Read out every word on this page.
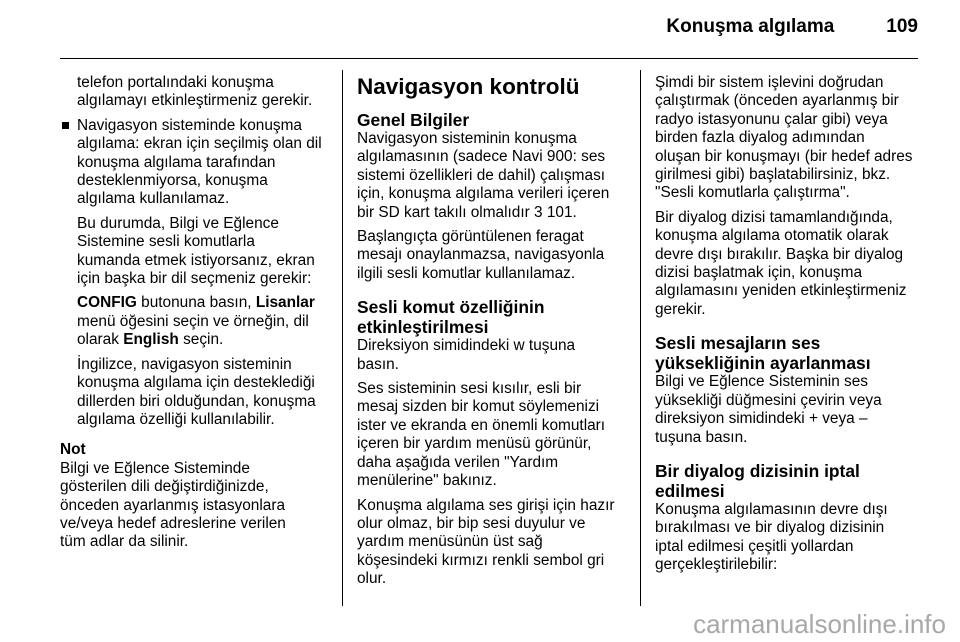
Konuşma algılama	109

telefon portalındaki konuşma
algılamayı etkinleştirmeniz gerekir.

Navigasyon sisteminde konuşma
algılama: ekran için seçilmiş olan dil
konuşma algılama tarafından
desteklenmiyorsa, konuşma
algılama kullanılamaz.

Bu durumda, Bilgi ve Eğlence
Sistemine sesli komutlarla
kumanda etmek istiyorsanız, ekran
için başka bir dil seçmeniz gerekir:

CONFIG butonuna basın, Lisanlar
menü öğesini seçin ve örneğin, dil
olarak English seçin.

İngilizce, navigasyon sisteminin
konuşma algılama için desteklediği
dillerden biri olduğundan, konuşma
algılama özelliği kullanılabilir.

Not

Bilgi ve Eğlence Sisteminde
gösterilen dili değiştirdiğinizde,
önceden ayarlanmış istasyonlara
ve/veya hedef adreslerine verilen
tüm adlar da silinir.

Navigasyon kontrolü
Genel Bilgiler

Navigasyon sisteminin konuşma
algılamasının (sadece Navi 900: ses
sistemi özellikleri de dahil) çalışması
için, konuşma algılama verileri içeren
bir SD kart takılı olmalıdır 3 101.

Başlangıçta görüntülenen feragat
mesajı onaylanmazsa, navigasyonla
ilgili sesli komutlar kullanılamaz.

Sesli komut özelliğinin
etkinleştirilmesi

Direksiyon simidindeki w tuşuna
basın.

Ses sisteminin sesi kısılır, esli bir
mesaj sizden bir komut söylemenizi
ister ve ekranda en önemli komutları
içeren bir yardım menüsü görünür,
daha aşağıda verilen "Yardım
menülerine" bakınız.

Konuşma algılama ses girişi için hazır
olur olmaz, bir bip sesi duyulur ve
yardım menüsünün üst sağ
köşesindeki kırmızı renkli sembol gri
olur.

Şimdi bir sistem işlevini doğrudan
çalıştırmak (önceden ayarlanmış bir
radyo istasyonunu çalar gibi) veya
birden fazla diyalog adımından
oluşan bir konuşmayı (bir hedef adres
girilmesi gibi) başlatabilirsiniz, bkz.
"Sesli komutlarla çalıştırma".

Bir diyalog dizisi tamamlandığında,
konuşma algılama otomatik olarak
devre dışı bırakılır. Başka bir diyalog
dizisi başlatmak için, konuşma
algılamasını yeniden etkinleştirmeniz
gerekir.

Sesli mesajların ses
yüksekliğinin ayarlanması

Bilgi ve Eğlence Sisteminin ses
yüksekliği düğmesini çevirin veya
direksiyon simidindeki + veya –
tuşuna basın.

Bir diyalog dizisinin iptal
edilmesi

Konuşma algılamasının devre dışı
bırakılması ve bir diyalog dizisinin
iptal edilmesi çeşitli yollardan
gerçekleştirilebilir:

carmanualsonline.info
